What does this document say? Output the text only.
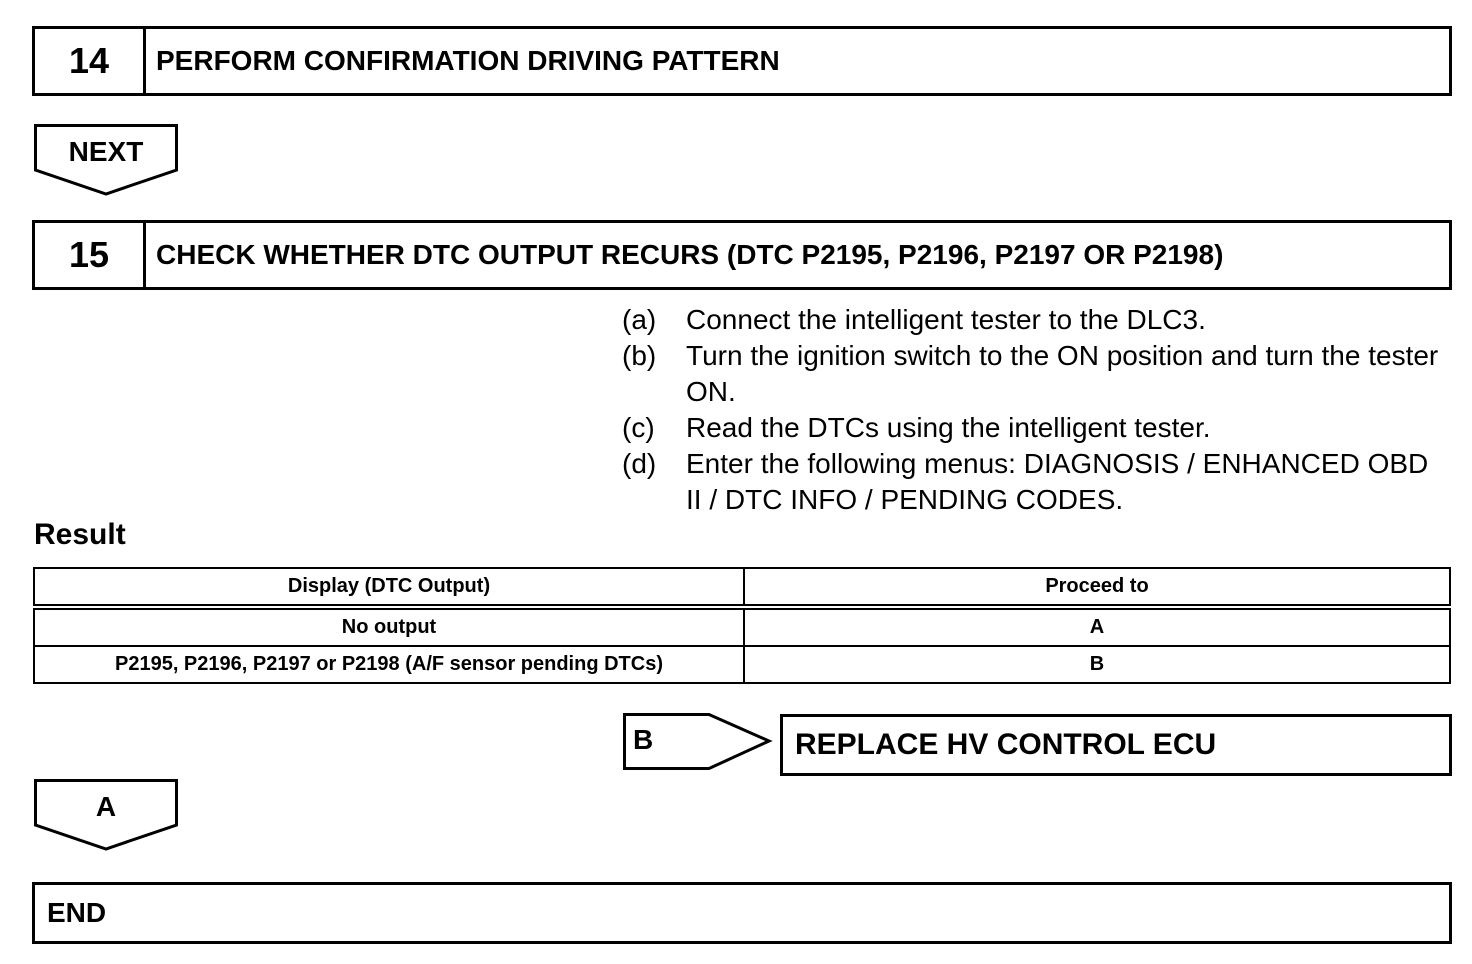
14	PERFORM CONFIRMATION DRIVING PATTERN
NEXT
15	CHECK WHETHER DTC OUTPUT RECURS (DTC P2195, P2196, P2197 OR P2198)
(a)	Connect the intelligent tester to the DLC3.
(b)	Turn the ignition switch to the ON position and turn the tester ON.
(c)	Read the DTCs using the intelligent tester.
(d)	Enter the following menus: DIAGNOSIS / ENHANCED OBD II / DTC INFO / PENDING CODES.
Result
Display (DTC Output)	Proceed to
No output	A
P2195, P2196, P2197 or P2198 (A/F sensor pending DTCs)	B
B	REPLACE HV CONTROL ECU
A
END
